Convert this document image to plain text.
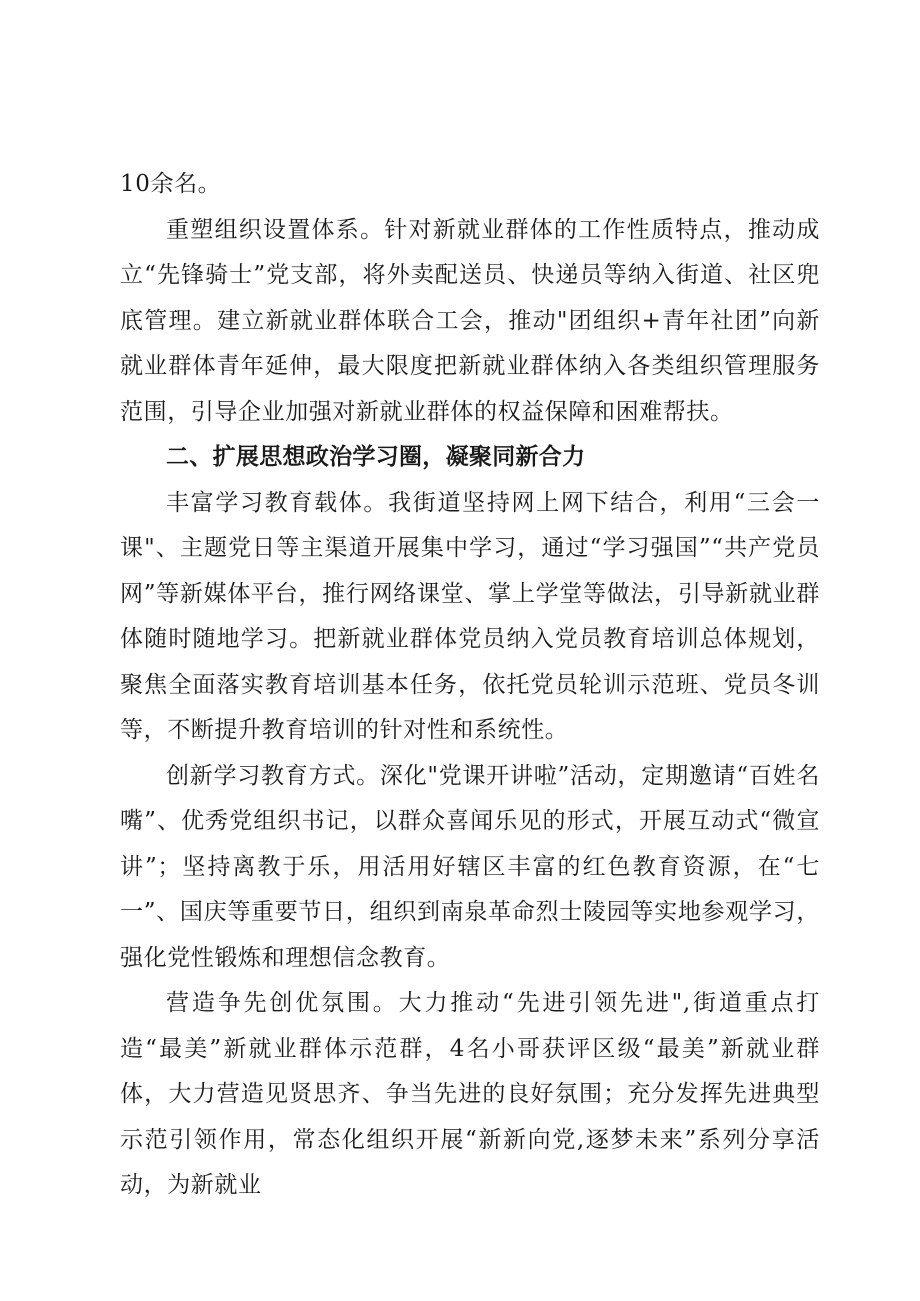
10余名。

重塑组织设置体系。针对新就业群体的工作性质特点，推动成立“先锋骑士”党支部，将外卖配送员、快递员等纳入街道、社区兜底管理。建立新就业群体联合工会，推动"团组织+青年社团”向新就业群体青年延伸，最大限度把新就业群体纳入各类组织管理服务范围，引导企业加强对新就业群体的权益保障和困难帮扶。

二、扩展思想政治学习圈，凝聚同新合力

丰富学习教育载体。我街道坚持网上网下结合，利用“三会一课"、主题党日等主渠道开展集中学习，通过“学习强国”“共产党员网”等新媒体平台，推行网络课堂、掌上学堂等做法，引导新就业群体随时随地学习。把新就业群体党员纳入党员教育培训总体规划，聚焦全面落实教育培训基本任务，依托党员轮训示范班、党员冬训等，不断提升教育培训的针对性和系统性。

创新学习教育方式。深化"党课开讲啦”活动，定期邀请“百姓名嘴”、优秀党组织书记，以群众喜闻乐见的形式，开展互动式“微宣讲”；坚持离教于乐，用活用好辖区丰富的红色教育资源，在“七一”、国庆等重要节日，组织到南泉革命烈士陵园等实地参观学习，强化党性锻炼和理想信念教育。

营造争先创优氛围。大力推动“先进引领先进",街道重点打造“最美”新就业群体示范群，4名小哥获评区级“最美”新就业群体，大力营造见贤思齐、争当先进的良好氛围；充分发挥先进典型示范引领作用，常态化组织开展“新新向党,逐梦未来”系列分享活动，为新就业
